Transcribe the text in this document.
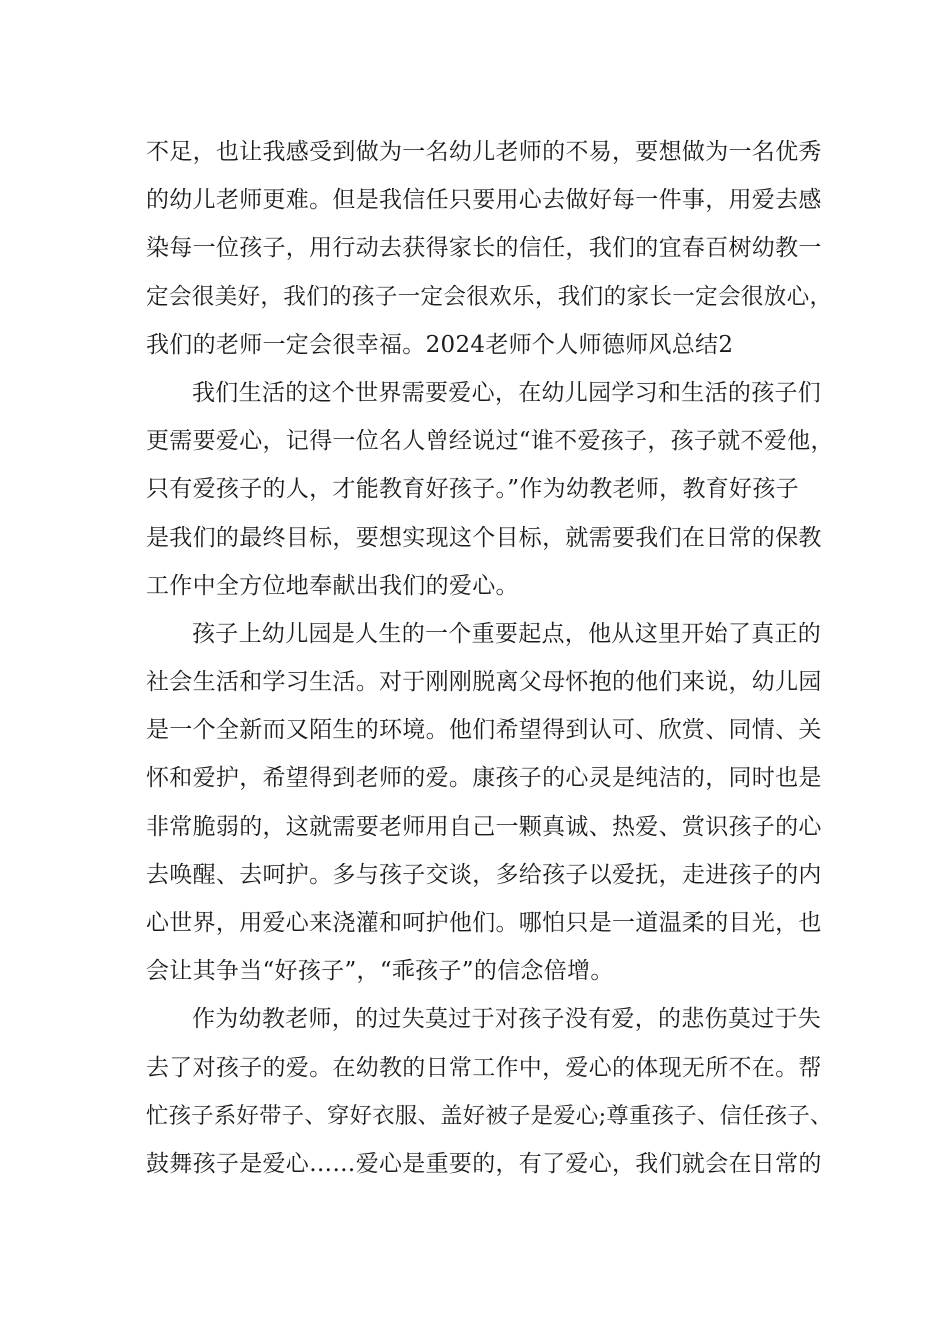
不足，也让我感受到做为一名幼儿老师的不易，要想做为一名优秀
的幼儿老师更难。但是我信任只要用心去做好每一件事，用爱去感
染每一位孩子，用行动去获得家长的信任，我们的宜春百树幼教一
定会很美好，我们的孩子一定会很欢乐，我们的家长一定会很放心，
我们的老师一定会很幸福。2024老师个人师德师风总结2
我们生活的这个世界需要爱心，在幼儿园学习和生活的孩子们
更需要爱心，记得一位名人曾经说过“谁不爱孩子，孩子就不爱他，
只有爱孩子的人，才能教育好孩子。”作为幼教老师，教育好孩子
是我们的最终目标，要想实现这个目标，就需要我们在日常的保教
工作中全方位地奉献出我们的爱心。
孩子上幼儿园是人生的一个重要起点，他从这里开始了真正的
社会生活和学习生活。对于刚刚脱离父母怀抱的他们来说，幼儿园
是一个全新而又陌生的环境。他们希望得到认可、欣赏、同情、关
怀和爱护，希望得到老师的爱。康孩子的心灵是纯洁的，同时也是
非常脆弱的，这就需要老师用自己一颗真诚、热爱、赏识孩子的心
去唤醒、去呵护。多与孩子交谈，多给孩子以爱抚，走进孩子的内
心世界，用爱心来浇灌和呵护他们。哪怕只是一道温柔的目光，也
会让其争当“好孩子”，“乖孩子”的信念倍增。
作为幼教老师，的过失莫过于对孩子没有爱，的悲伤莫过于失
去了对孩子的爱。在幼教的日常工作中，爱心的体现无所不在。帮
忙孩子系好带子、穿好衣服、盖好被子是爱心;尊重孩子、信任孩子、
鼓舞孩子是爱心……爱心是重要的，有了爱心，我们就会在日常的
